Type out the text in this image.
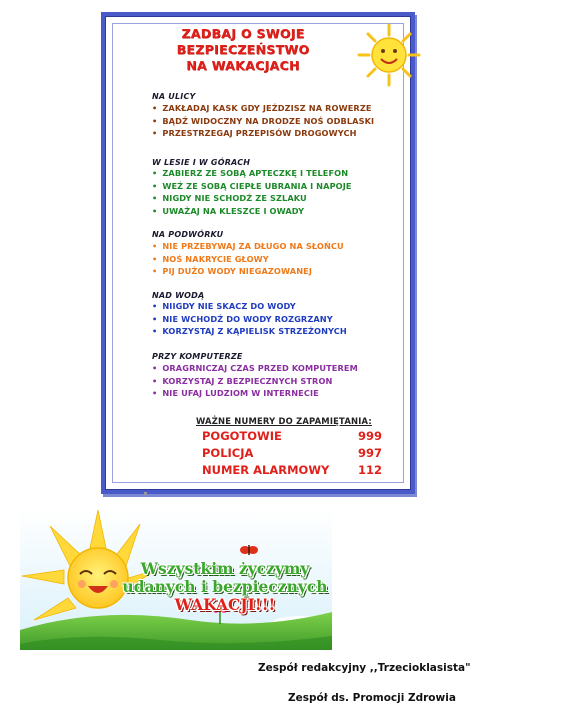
ZADBAJ O SWOJE
BEZPIECZEŃSTWO
NA WAKACJACH
NA ULICY
• ZAKŁADAJ KASK GDY JEŹDZISZ NA ROWERZE
• BĄDŹ WIDOCZNY NA DRODZE NOŚ ODBLASKI
• PRZESTRZEGAJ PRZEPISÓW DROGOWYCH
W LESIE I W GÓRACH
• ZABIERZ ZE SOBĄ APTECZKĘ I TELEFON
• WEŹ ZE SOBĄ CIEPŁE UBRANIA I NAPOJE
• NIGDY NIE SCHODŹ ZE SZLAKU
• UWAŻAJ NA KLESZCE I OWADY
NA PODWÓRKU
• NIE PRZEBYWAJ ZA DŁUGO NA SŁOŃCU
• NOŚ NAKRYCIE GŁOWY
• PIJ DUŻO WODY NIEGAZOWANEJ
NAD WODĄ
• NIIGDY NIE SKACZ DO WODY
• NIE WCHODŹ DO WODY ROZGRZANY
• KORZYSTAJ Z KĄPIELISK STRZEŻONYCH
PRZY KOMPUTERZE
• ORAGRNICZAJ CZAS PRZED KOMPUTEREM
• KORZYSTAJ Z BEZPIECZNYCH STRON
• NIE UFAJ LUDZIOM W INTERNECIE
WAŻNE NUMERY DO ZAPAMIĘTANIA:
POGOTOWIE	999
POLICJA	997
NUMER ALARMOWY 112
Wszystkim życzymy
udanych i bezpiecznych
WAKACJI!!!
Zespół redakcyjny ,,Trzecioklasista"
Zespół ds. Promocji Zdrowia
